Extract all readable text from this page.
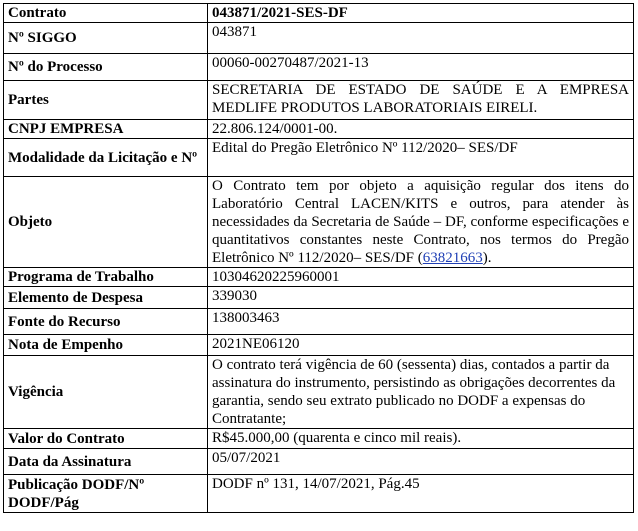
Contrato	043871/2021-SES-DF
Nº SIGGO	043871
Nº do Processo	00060-00270487/2021-13
Partes	SECRETARIA DE ESTADO DE SAÚDE E A EMPRESA MEDLIFE PRODUTOS LABORATORIAIS EIRELI.
CNPJ EMPRESA	22.806.124/0001-00.
Modalidade da Licitação e Nº	Edital do Pregão Eletrônico Nº 112/2020– SES/DF
Objeto	O Contrato tem por objeto a aquisição regular dos itens do Laboratório Central LACEN/KITS e outros, para atender às necessidades da Secretaria de Saúde – DF, conforme especificações e quantitativos constantes neste Contrato, nos termos do Pregão Eletrônico Nº 112/2020– SES/DF (63821663).
Programa de Trabalho	10304620225960001
Elemento de Despesa	339030
Fonte do Recurso	138003463
Nota de Empenho	2021NE06120
Vigência	O contrato terá vigência de 60 (sessenta) dias, contados a partir da assinatura do instrumento, persistindo as obrigações decorrentes da garantia, sendo seu extrato publicado no DODF a expensas do Contratante;
Valor do Contrato	R$45.000,00 (quarenta e cinco mil reais).
Data da Assinatura	05/07/2021
Publicação DODF/Nº DODF/Pág	DODF nº 131, 14/07/2021, Pág.45
